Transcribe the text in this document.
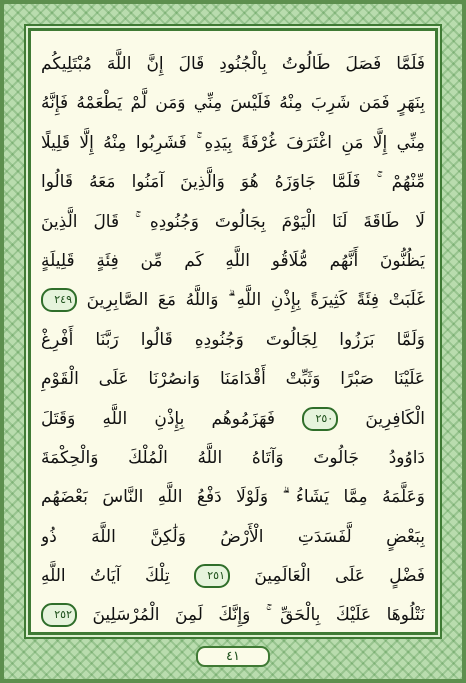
فَلَمَّا فَصَلَ طَالُوتُ بِالْجُنُودِ قَالَ إِنَّ اللَّهَ مُبْتَلِيكُم
بِنَهَرٍ فَمَن شَرِبَ مِنْهُ فَلَيْسَ مِنِّي وَمَن لَّمْ يَطْعَمْهُ فَإِنَّهُ
مِنِّي إِلَّا مَنِ اغْتَرَفَ غُرْفَةً بِيَدِهِ ۚ فَشَرِبُوا مِنْهُ إِلَّا قَلِيلًا
مِّنْهُمْ ۚ فَلَمَّا جَاوَزَهُ هُوَ وَالَّذِينَ آمَنُوا مَعَهُ قَالُوا
لَا طَاقَةَ لَنَا الْيَوْمَ بِجَالُوتَ وَجُنُودِهِ ۚ قَالَ الَّذِينَ
يَظُنُّونَ أَنَّهُم مُّلَاقُو اللَّهِ كَم مِّن فِئَةٍ قَلِيلَةٍ
غَلَبَتْ فِئَةً كَثِيرَةً بِإِذْنِ اللَّهِ ۗ وَاللَّهُ مَعَ الصَّابِرِينَ ٢٤٩
وَلَمَّا بَرَزُوا لِجَالُوتَ وَجُنُودِهِ قَالُوا رَبَّنَا أَفْرِغْ
عَلَيْنَا صَبْرًا وَثَبِّتْ أَقْدَامَنَا وَانصُرْنَا عَلَى الْقَوْمِ
الْكَافِرِينَ ٢٥٠ فَهَزَمُوهُم بِإِذْنِ اللَّهِ وَقَتَلَ
دَاوُودُ جَالُوتَ وَآتَاهُ اللَّهُ الْمُلْكَ وَالْحِكْمَةَ
وَعَلَّمَهُ مِمَّا يَشَاءُ ۗ وَلَوْلَا دَفْعُ اللَّهِ النَّاسَ بَعْضَهُم
بِبَعْضٍ لَّفَسَدَتِ الْأَرْضُ وَلَٰكِنَّ اللَّهَ ذُو
فَضْلٍ عَلَى الْعَالَمِينَ ٢٥١ تِلْكَ آيَاتُ اللَّهِ
نَتْلُوهَا عَلَيْكَ بِالْحَقِّ ۚ وَإِنَّكَ لَمِنَ الْمُرْسَلِينَ ٢٥٢
٤١
